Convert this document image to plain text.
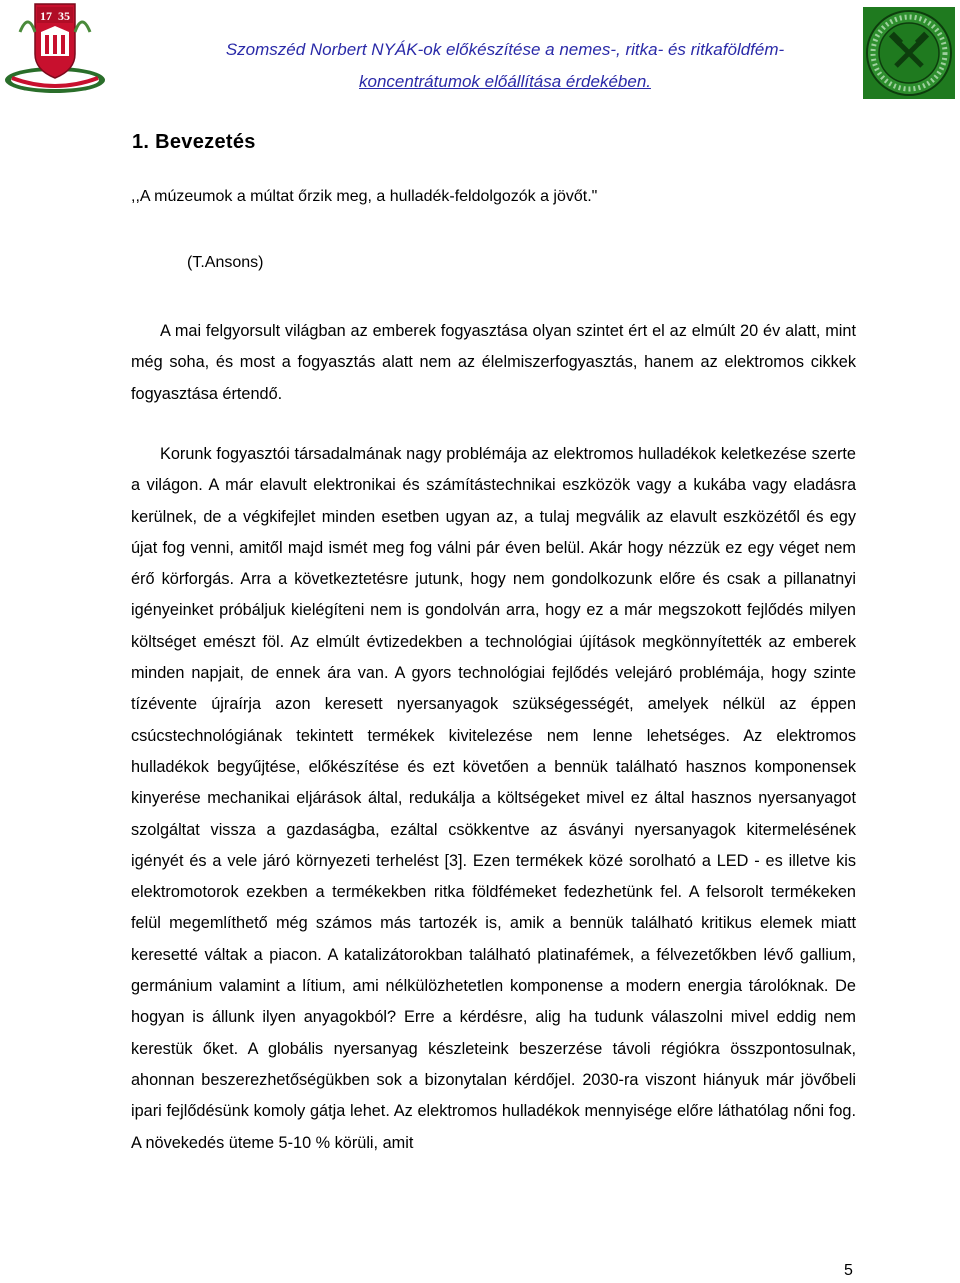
17 35
Szomszéd Norbert NYÁK-ok előkészítése a nemes-, ritka- és ritkaföldfém-
koncentrátumok előállítása érdekében.
1. Bevezetés
,,A múzeumok a múltat őrzik meg, a hulladék-feldolgozók a jövőt."
(T.Ansons)

A mai felgyorsult világban az emberek fogyasztása olyan szintet ért el az elmúlt 20 év alatt, mint még soha, és most a fogyasztás alatt nem az élelmiszerfogyasztás, hanem az elektromos cikkek fogyasztása értendő.

Korunk fogyasztói társadalmának nagy problémája az elektromos hulladékok keletkezése szerte a világon. A már elavult elektronikai és számítástechnikai eszközök vagy a kukába vagy eladásra kerülnek, de a végkifejlet minden esetben ugyan az, a tulaj megválik az elavult eszközétől és egy újat fog venni, amitől majd ismét meg fog válni pár éven belül. Akár hogy nézzük ez egy véget nem érő körforgás. Arra a következtetésre jutunk, hogy nem gondolkozunk előre és csak a pillanatnyi igényeinket próbáljuk kielégíteni nem is gondolván arra, hogy ez a már megszokott fejlődés milyen költséget emészt föl. Az elmúlt évtizedekben a technológiai újítások megkönnyítették az emberek minden napjait, de ennek ára van. A gyors technológiai fejlődés velejáró problémája, hogy szinte tízévente újraírja azon keresett nyersanyagok szükségességét, amelyek nélkül az éppen csúcstechnológiának tekintett termékek kivitelezése nem lenne lehetséges. Az elektromos hulladékok begyűjtése, előkészítése és ezt követően a bennük található hasznos komponensek kinyerése mechanikai eljárások által, redukálja a költségeket mivel ez által hasznos nyersanyagot szolgáltat vissza a gazdaságba, ezáltal csökkentve az ásványi nyersanyagok kitermelésének igényét és a vele járó környezeti terhelést [3]. Ezen termékek közé sorolható a LED - es illetve kis elektromotorok ezekben a termékekben ritka földfémeket fedezhetünk fel. A felsorolt termékeken felül megemlíthető még számos más tartozék is, amik a bennük található kritikus elemek miatt keresetté váltak a piacon. A katalizátorokban található platinafémek, a félvezetőkben lévő gallium, germánium valamint a lítium, ami nélkülözhetetlen komponense a modern energia tárolóknak. De hogyan is állunk ilyen anyagokból? Erre a kérdésre, alig ha tudunk válaszolni mivel eddig nem kerestük őket. A globális nyersanyag készleteink beszerzése távoli régiókra összpontosulnak, ahonnan beszerezhetőségükben sok a bizonytalan kérdőjel. 2030-ra viszont hiányuk már jövőbeli ipari fejlődésünk komoly gátja lehet. Az elektromos hulladékok mennyisége előre láthatólag nőni fog. A növekedés üteme 5-10 % körüli, amit

5
